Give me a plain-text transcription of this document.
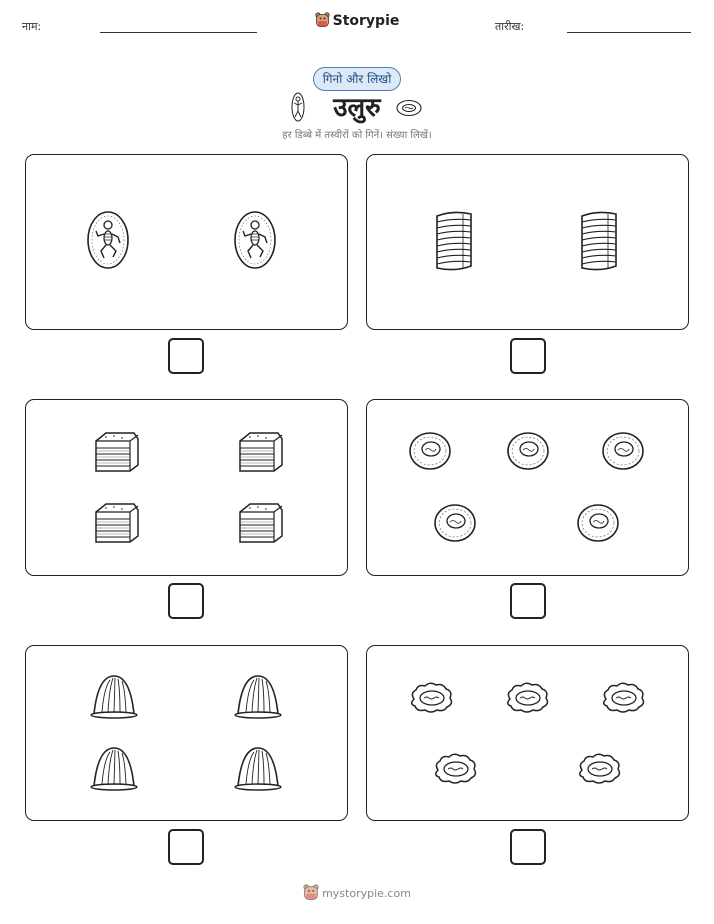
नाम:	Storypie	तारीख:
गिनो और लिखो
उलुरु
हर डिब्बे में तस्वीरों को गिनें। संख्या लिखें।
mystorypie.com
